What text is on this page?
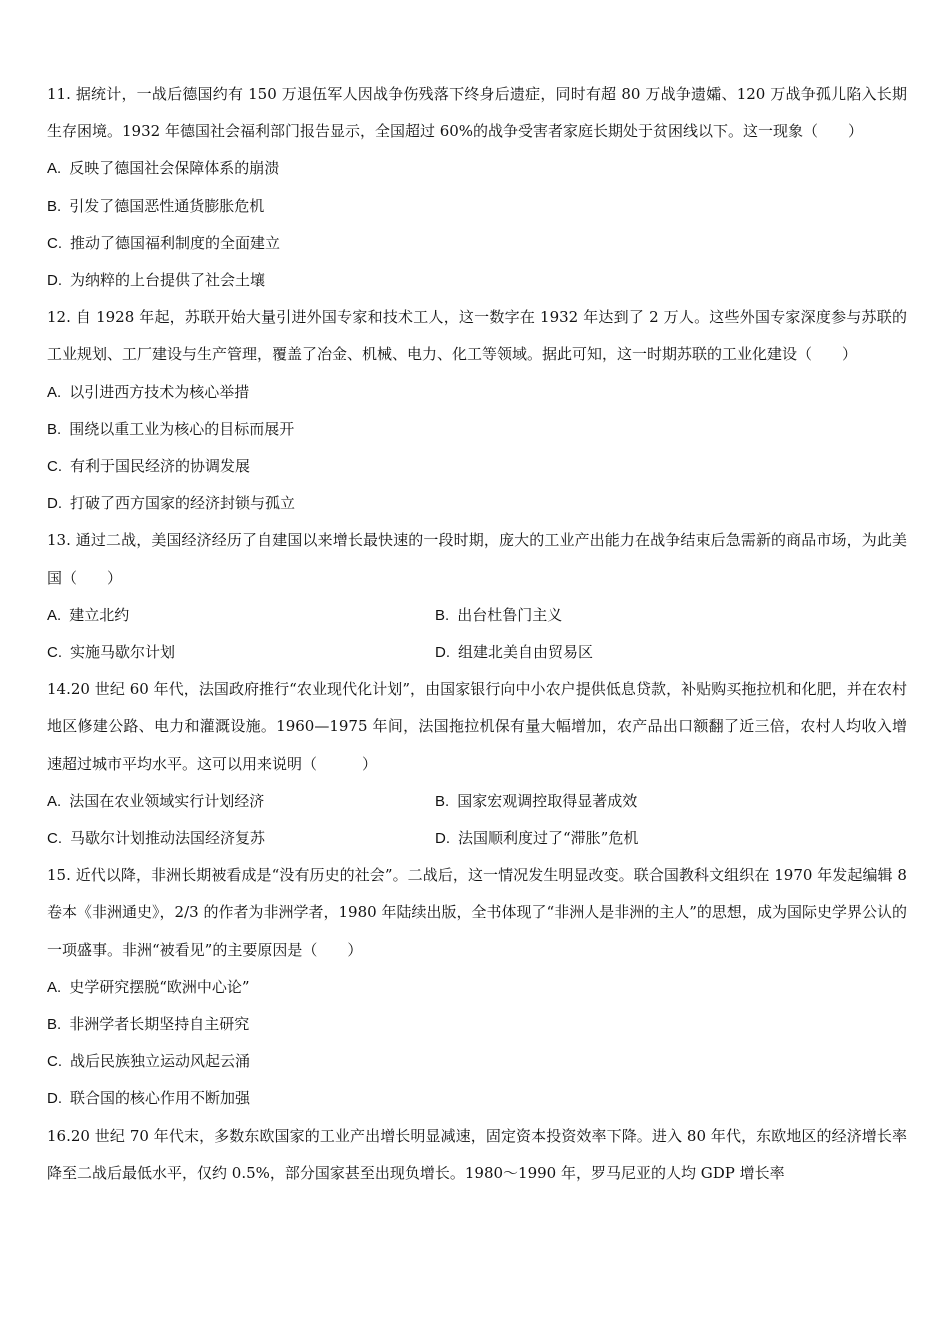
11. 据统计，一战后德国约有 150 万退伍军人因战争伤残落下终身后遗症，同时有超 80 万战争遗孀、120 万战争孤儿陷入长期生存困境。1932 年德国社会福利部门报告显示，全国超过 60%的战争受害者家庭长期处于贫困线以下。这一现象（　　）

A. 反映了德国社会保障体系的崩溃
B. 引发了德国恶性通货膨胀危机
C. 推动了德国福利制度的全面建立
D. 为纳粹的上台提供了社会土壤

12. 自 1928 年起，苏联开始大量引进外国专家和技术工人，这一数字在 1932 年达到了 2 万人。这些外国专家深度参与苏联的工业规划、工厂建设与生产管理，覆盖了冶金、机械、电力、化工等领域。据此可知，这一时期苏联的工业化建设（　　）

A. 以引进西方技术为核心举措
B. 围绕以重工业为核心的目标而展开
C. 有利于国民经济的协调发展
D. 打破了西方国家的经济封锁与孤立

13. 通过二战，美国经济经历了自建国以来增长最快速的一段时期，庞大的工业产出能力在战争结束后急需新的商品市场，为此美国（　　）

A. 建立北约	B. 出台杜鲁门主义
C. 实施马歇尔计划	D. 组建北美自由贸易区

14.20 世纪 60 年代，法国政府推行“农业现代化计划”，由国家银行向中小农户提供低息贷款，补贴购买拖拉机和化肥，并在农村地区修建公路、电力和灌溉设施。1960—1975 年间，法国拖拉机保有量大幅增加，农产品出口额翻了近三倍，农村人均收入增速超过城市平均水平。这可以用来说明（　　　）

A. 法国在农业领域实行计划经济	B. 国家宏观调控取得显著成效
C. 马歇尔计划推动法国经济复苏	D. 法国顺利度过了“滞胀”危机

15. 近代以降，非洲长期被看成是“没有历史的社会”。二战后，这一情况发生明显改变。联合国教科文组织在 1970 年发起编辑 8 卷本《非洲通史》，2/3 的作者为非洲学者，1980 年陆续出版，全书体现了“非洲人是非洲的主人”的思想，成为国际史学界公认的一项盛事。非洲“被看见”的主要原因是（　　）

A. 史学研究摆脱“欧洲中心论”
B. 非洲学者长期坚持自主研究
C. 战后民族独立运动风起云涌
D. 联合国的核心作用不断加强

16.20 世纪 70 年代末，多数东欧国家的工业产出增长明显减速，固定资本投资效率下降。进入 80 年代，东欧地区的经济增长率降至二战后最低水平，仅约 0.5%，部分国家甚至出现负增长。1980～1990 年，罗马尼亚的人均 GDP 增长率
